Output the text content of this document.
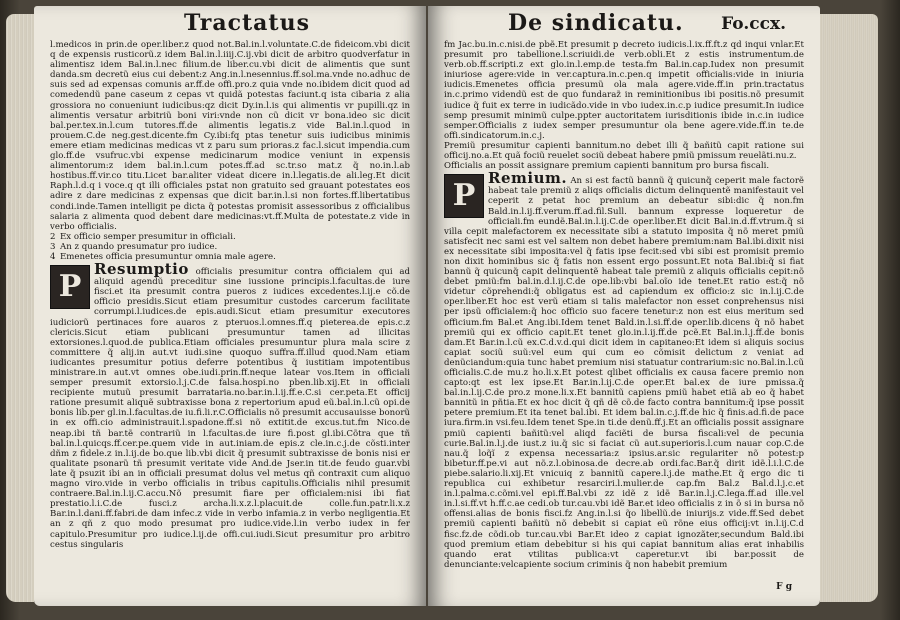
Tractatus

l.medicos in prin.de oper.liber.z quod not.Bal.in.l.voluntate.C.de fideicom.vbi dicit q de expensis rusticorũ.z idem Bal.in.l.iiij.C.ij.vbi dicit de arbitro quodverfatur in alimentisz idem Bal.in.l.nec filium.de liber.cu.vbi dicit de alimentis que sunt danda.sm decretũ eius cui debent:z Ang.in.l.nesennius.ff.sol.ma.vnde no.adhuc de suis sed ad expensas comunis ar.ff.de offi.pro.z quia vnde no.ibidem dicit quod ad comedendũ pane caseum z cepas vt quidã potestas faciunt.q ista cibaria z alia grossiora no conueniunt iudicibus:qz dicit Dy.in.l.is qui alimentis vr pupilli.qz in alimentis versatur arbitriũ boni viri:vnde non cũ dicit vr bona.ideo sic dicit bal.per.tex.in.l.cum tutores.ff.de alimentis legatis.z vide Bal.in.l.quod in prouem.C.de neg.gest.dicente.fm Cy.ibi:fq ptas tenetur suis iudicibus minimis emere etiam medicinas medicas vt z paru sum prioras.z fac.l.sicut impendia.cum glo.ff.de vsufruc.vbi expense medicinarum modice veniunt in expensis alimentorum:z idem bal.in.l.cum potes.ff.ad sc.tr.so mat.z q̃ no.in.l.ab hostibus.ff.vir.co titu.Licet bar.aliter videat dicere in.l.legatis.de ali.leg.Et dicit Raph.l.d.q i voce.q qt illi officiales pstat non gratuito sed grauant potestates eos adire z dare medicinas z expensas que dicit bar.in.l.si non fortes.ff.libertatibus condi.inde.Tamen intelligit pe dicta q̃ potestas promisit assessoribus z officialibus salaria z alimenta quod debent dare medicinas:vt.ff.Multa de potestate.z vide in verbo officialis.

2 Ex officio semper presumitur in officiali.
3 An z quando presumatur pro iudice.
4 Emenetes officia presumuntur omnia male agere.
P Resumptio officialis presumitur contra officialem qui ad aliquid agendũ preceditur sine iussione principis.l.facultas.de iure fisci.et ita presumit contra pueros z iudices excedentes.l.ij.e cõ.de officio presidis.Sicut etiam presumitur custodes carcerum facilitate corrumpi.l.iudices.de epis.audi.Sicut etiam presumitur executores iudiciorũ pertinaces fore auaros z pteruos.l.omnes.ff.q pieterea.de epis.c.z clericis.Sicut etiam publicani presumuntur tamen ad illicitas extorsiones.l.quod.de publica.Etiam officiales presumuntur plura mala scire z committere q̃ alij.in aut.vt iudi.sine quoquo suffra.ff.illud quod.Nam etiam iudicantes presumitur potius deferre potentibus q̃ iustitiam impotentibus ministrare.in aut.vt omnes obe.iudi.prin.ff.neque latear vos.Item in officiali semper presumit extorsio.l.j.C.de falsa.hospi.no pben.lib.xij.Et in officiali recipiente mutuũ presumit barrataria.no.bar.in.l.ij.ff.e.C.si cer.peta.Et officij ratione presumit aliquẽ subtraxisse bona z repertorium apud eũ.bal.in.l.cũ opi.de bonis lib.per gl.in.l.facultas.de iu.fi.li.r.C.Officialis nõ presumit accusauisse bonorũ in ex offi.cio administrauit.l.spadone.ff.si nõ extitit.de excus.tut.fm Nico.de neap.ibi tñ bar.tẽ contrariũ in l.facultas.de iure fi.post gl.ibi.Cõtra que tñ bal.in.l.quicqs.ff.cer.pe.quem vide in aut.iniam.de epis.z cle.in.c.j.de cõsti.inter dñm z fidele.z in.l.ij.de bo.que lib.vbi dicit q̃ presumit subtraxisse de bonis nisi er qualitate psonarũ tñ presumit veritate vide And.de Jser.in tit.de feudo guar.vbi late q̃ psuzit ibi an in officiali presumat dolus vel metus qñ contraxit cum aliquo magno viro.vide in verbo officialis in tribus capitulis.Officialis nihil presumit contraere.Bal.in.l.ij.C.accu.Nõ presumit fiare per officialem:nisi ibi fiat prestatio.l.i.C.de fusci.z archa.li.x.z.l.placuit.de colle.fun.patr.li.x.z Bar.in.l.dani.ff.fabri.de dam infec.z vide in verbo infamia.z in verbo negligentia.Et an z qñ z quo modo presumat pro iudice.vide.l.in verbo iudex in fer capitulo.Presumitur pro iudice.l.ij.de offi.cui.iudi.Sicut presumitur pro arbitro cestus singularis
De sindicatu. Fo.ccx.

fm Jac.bu.in.c.nisi.de pbẽ.Et presumit p decreto iudicis.l.ix.ff.ft.z qd inqui vnlar.Et presumit pro tabellione.l.scriuidi.de verb.obli.Et z estis instrumentum.de verb.ob.ff.scripti.z ext glo.in.l.emp.de testa.fm Bal.in.cap.Iudex non presumit iniuriose agere:vide in ver.captura.in.c.pen.q impetit officialis:vide in iniuria iudicis.Emenetes officia presumũ ola mala agere.vide.ff.in prin.tractatus in.c.primo videndũ est de quo fundaraz̃ in reminitionibus ibi positis.nõ presumit iudice q̃ fuit ex terre in iudicãdo.vide in vbo iudex.in.c.p iudice presumit.In iudice semp presumit minimũ culpe.ppter auctoritatem iurisditionis ibide in.c.in iudice semper.Officialis z iudex semper presumuntur ola bene agere.vide.ff.in te.de offi.sindicatorum.in.c.j.

Premiũ presumitur capienti bannitum.no debet illi q̃ bañitũ capit ratione sui officij.no.a.Et quã fociũ reuelet sociũ debeat habere pmiũ pmissum reuelãti.nu.z.

Officialis an possit assignare premium capienti bannitum pro bursa fiscali.

P Remium. An si est factũ bannũ q̃ quicunq̃ ceperit male factorẽ habeat tale premiũ z aliqs officialis dictum delinquentẽ manifestauit vel ceperit z petat hoc premium an debeatur sibi:dic q̃ non.fm Bald.in.l.ij.ff.verum.ff.ad.fil.Sull. bannum expresse loqueretur de officiali.fm eundẽ.Bal.in.l.ij.C.de oper.liber.Et dicit Bal.in.d.ff.vtrum.q̃ si villa cepit malefactorem ex necessitate sibi a statuto imposita q̃ nõ meret pmiũ satisfecit nec sami est vel saltem non debet habere premium:nam Bal.ibi.dixit nisi ex necessitate sibi imposita:vel q̃ fatis ipse fecit:sed vbi sibi est promisit premio non dixit hominibus sic q̃ fatis non essent ergo possunt.Et nota Bal.ibi:q̃ si fiat bannũ q̃ quicunq̃ capit delinquentẽ habeat tale premiũ z aliquis officialis cepit:nõ debet pmiũ:fm bal.in.d.l.ij.C.de ope.lib:vbi bal.oĩo ide tenet.Et ratio est:q̃ nõ videtur cõprehendi:q̃ obligatus est ad capiendum ex officio:z sic in.l.ij.C.de oper.liber.Et hoc est verũ etiam si talis malefactor non esset conprehensus nisi per ipsũ officialem:q̃ hoc officio suo facere tenetur:z non est eius meritum sed officium.fm Bal.et Ang.ibi.Idem tenet Bald.in.l.si.ff.de oper.lib.dicens q̃ nõ habet premiũ qui ex officio capit.Et tenet glo.in.l.ij.ff.de pcẽ.Et Bal.in.l.j.ff.de bonis dam.Et Bar.in.l.cũ ex.C.d.v.d.qui dicit idem in capitaneo:Et idem si aliquis socius capiat sociũ suũ:vel eum qui cum eo cõmisit delictum z veniat ad denũciandum:quia tunc habet premium nisi statuatur contrarium:sic no.Bal.in.l.cũ officialis.C.de mu.z ho.li.x.Et potest qlibet officialis ex causa facere premio non capto:qt est lex ipse.Et Bar.in.l.ij.C.de oper.Et bal.ex de iure pmissa.q̃ bal.in.l.ij.C.de pro.z mone.li.x.Et bannitũ capiens pmiũ habet etiã ab eo q̃ habet bannitũ in pñtia.Et ex hoc dicit q̃ qñ dẽ cõ.de facto contra bannitum:q̃ ipse possit petere premium.Et ita tenet bal.ibi. Et idem bal.in.c.j.ff.de hic q̃ finis.ad.fi.de pace iura.firm.in vsi.feu.Idem tenet Spe.in ti.de denũ.ff.j.Et an officialis possit assignare pmiũ capienti bañitũ:vel aliqd faciẽti de bursa fiscali:vel de pecunia curie.Bal.in.l.j.de iust.z iu.q̃ sic si faciat cũ aut.superioris.l.cum nauar cop.C.de nau.q̃ loq̃ĩ z expensa necessaria:z ipsius.ar.sic regulariter nõ potest:p bibetur.ff.pe.vi aut nõ.z.l.obinosa.de decre.ab ordi.fac.Bar.q̃ dirit idẽ.l.i.l.C.de piebe.salario.li.xij.Et vnicuiq z bannitũ capere.l.j.de mathe.Et q̃ ergo dic ti republica cui exhibetur resarciri.l.mulier.de cap.fm Bal.z Bal.d.l.j.c.et in.l.palma.c.cõmi.vel epi.ff.Bal.vbi zz idẽ z idẽ Bar.in.l.j.C.lega.ff.ad ille.vel in.l.si.ff.vt h.ff.c.ae cedi.ob tur.cau.vbi idẽ Bar.et ideo officialis z in õ si in bursa nõ offensi.alias de bonis fisci.fz Ang.in.l.si q̃o libellũ.de iniurijs.z vide.ff.Sed debet premiũ capienti bañitũ nõ debebit si capiat eũ rõne eius officij:vt in.l.ij.C.d fisc.fz.de cõdi.ob tur.cau.vbi Bar.Et ideo z capiat ignozãter,secundum Bald.ibi quod premium etiam debebitur si his qui capiat bannitum alias erat inhabilis quando erat vtilitas publica:vt caperetur.vt ibi bar.possit de denunciante:velcapiente socium criminis q̃ non habebit premium
F g
